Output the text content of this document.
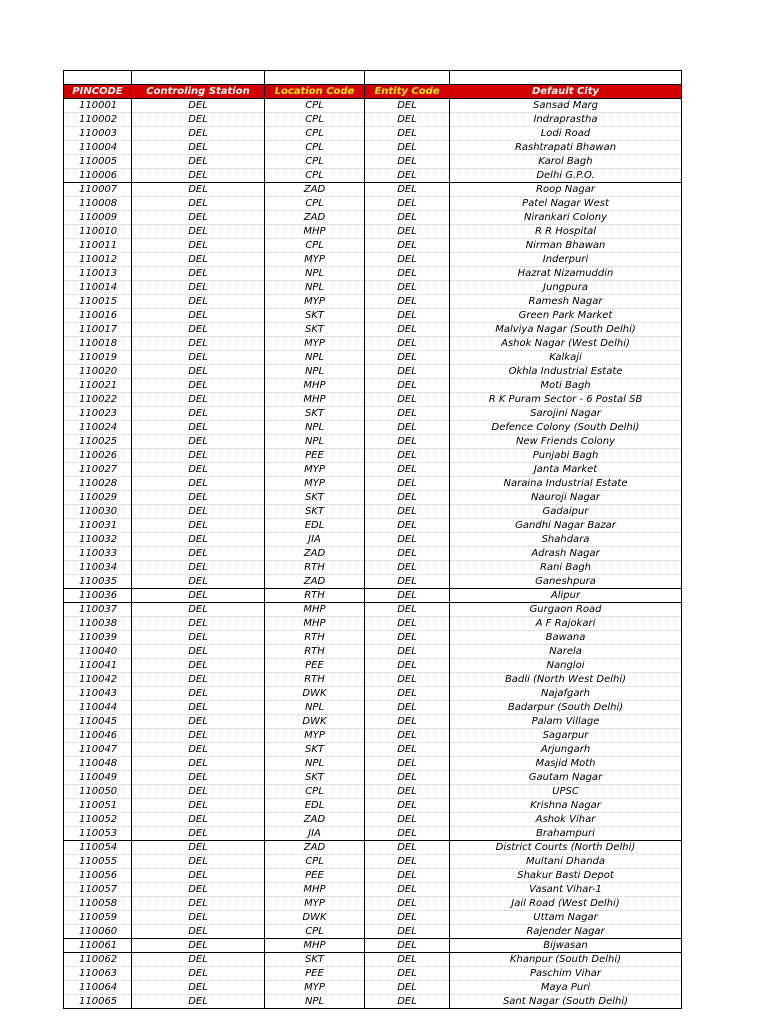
PINCODE	Controling Station	Location Code	Entity Code	Default City
110001	DEL	CPL	DEL	Sansad Marg
110002	DEL	CPL	DEL	Indraprastha
110003	DEL	CPL	DEL	Lodi Road
110004	DEL	CPL	DEL	Rashtrapati Bhawan
110005	DEL	CPL	DEL	Karol Bagh
110006	DEL	CPL	DEL	Delhi G.P.O.
110007	DEL	ZAD	DEL	Roop Nagar
110008	DEL	CPL	DEL	Patel Nagar West
110009	DEL	ZAD	DEL	Nirankari Colony
110010	DEL	MHP	DEL	R R Hospital
110011	DEL	CPL	DEL	Nirman Bhawan
110012	DEL	MYP	DEL	Inderpuri
110013	DEL	NPL	DEL	Hazrat Nizamuddin
110014	DEL	NPL	DEL	Jungpura
110015	DEL	MYP	DEL	Ramesh Nagar
110016	DEL	SKT	DEL	Green Park Market
110017	DEL	SKT	DEL	Malviya Nagar (South Delhi)
110018	DEL	MYP	DEL	Ashok Nagar (West Delhi)
110019	DEL	NPL	DEL	Kalkaji
110020	DEL	NPL	DEL	Okhla Industrial Estate
110021	DEL	MHP	DEL	Moti Bagh
110022	DEL	MHP	DEL	R K Puram Sector - 6 Postal SB
110023	DEL	SKT	DEL	Sarojini Nagar
110024	DEL	NPL	DEL	Defence Colony (South Delhi)
110025	DEL	NPL	DEL	New Friends Colony
110026	DEL	PEE	DEL	Punjabi Bagh
110027	DEL	MYP	DEL	Janta Market
110028	DEL	MYP	DEL	Naraina Industrial Estate
110029	DEL	SKT	DEL	Nauroji Nagar
110030	DEL	SKT	DEL	Gadaipur
110031	DEL	EDL	DEL	Gandhi Nagar Bazar
110032	DEL	JIA	DEL	Shahdara
110033	DEL	ZAD	DEL	Adrash Nagar
110034	DEL	RTH	DEL	Rani Bagh
110035	DEL	ZAD	DEL	Ganeshpura
110036	DEL	RTH	DEL	Alipur
110037	DEL	MHP	DEL	Gurgaon Road
110038	DEL	MHP	DEL	A F Rajokari
110039	DEL	RTH	DEL	Bawana
110040	DEL	RTH	DEL	Narela
110041	DEL	PEE	DEL	Nangloi
110042	DEL	RTH	DEL	Badli (North West Delhi)
110043	DEL	DWK	DEL	Najafgarh
110044	DEL	NPL	DEL	Badarpur (South Delhi)
110045	DEL	DWK	DEL	Palam Village
110046	DEL	MYP	DEL	Sagarpur
110047	DEL	SKT	DEL	Arjungarh
110048	DEL	NPL	DEL	Masjid Moth
110049	DEL	SKT	DEL	Gautam Nagar
110050	DEL	CPL	DEL	UPSC
110051	DEL	EDL	DEL	Krishna Nagar
110052	DEL	ZAD	DEL	Ashok Vihar
110053	DEL	JIA	DEL	Brahampuri
110054	DEL	ZAD	DEL	District Courts (North Delhi)
110055	DEL	CPL	DEL	Multani Dhanda
110056	DEL	PEE	DEL	Shakur Basti Depot
110057	DEL	MHP	DEL	Vasant Vihar-1
110058	DEL	MYP	DEL	Jail Road (West Delhi)
110059	DEL	DWK	DEL	Uttam Nagar
110060	DEL	CPL	DEL	Rajender Nagar
110061	DEL	MHP	DEL	Bijwasan
110062	DEL	SKT	DEL	Khanpur (South Delhi)
110063	DEL	PEE	DEL	Paschim Vihar
110064	DEL	MYP	DEL	Maya Puri
110065	DEL	NPL	DEL	Sant Nagar (South Delhi)
